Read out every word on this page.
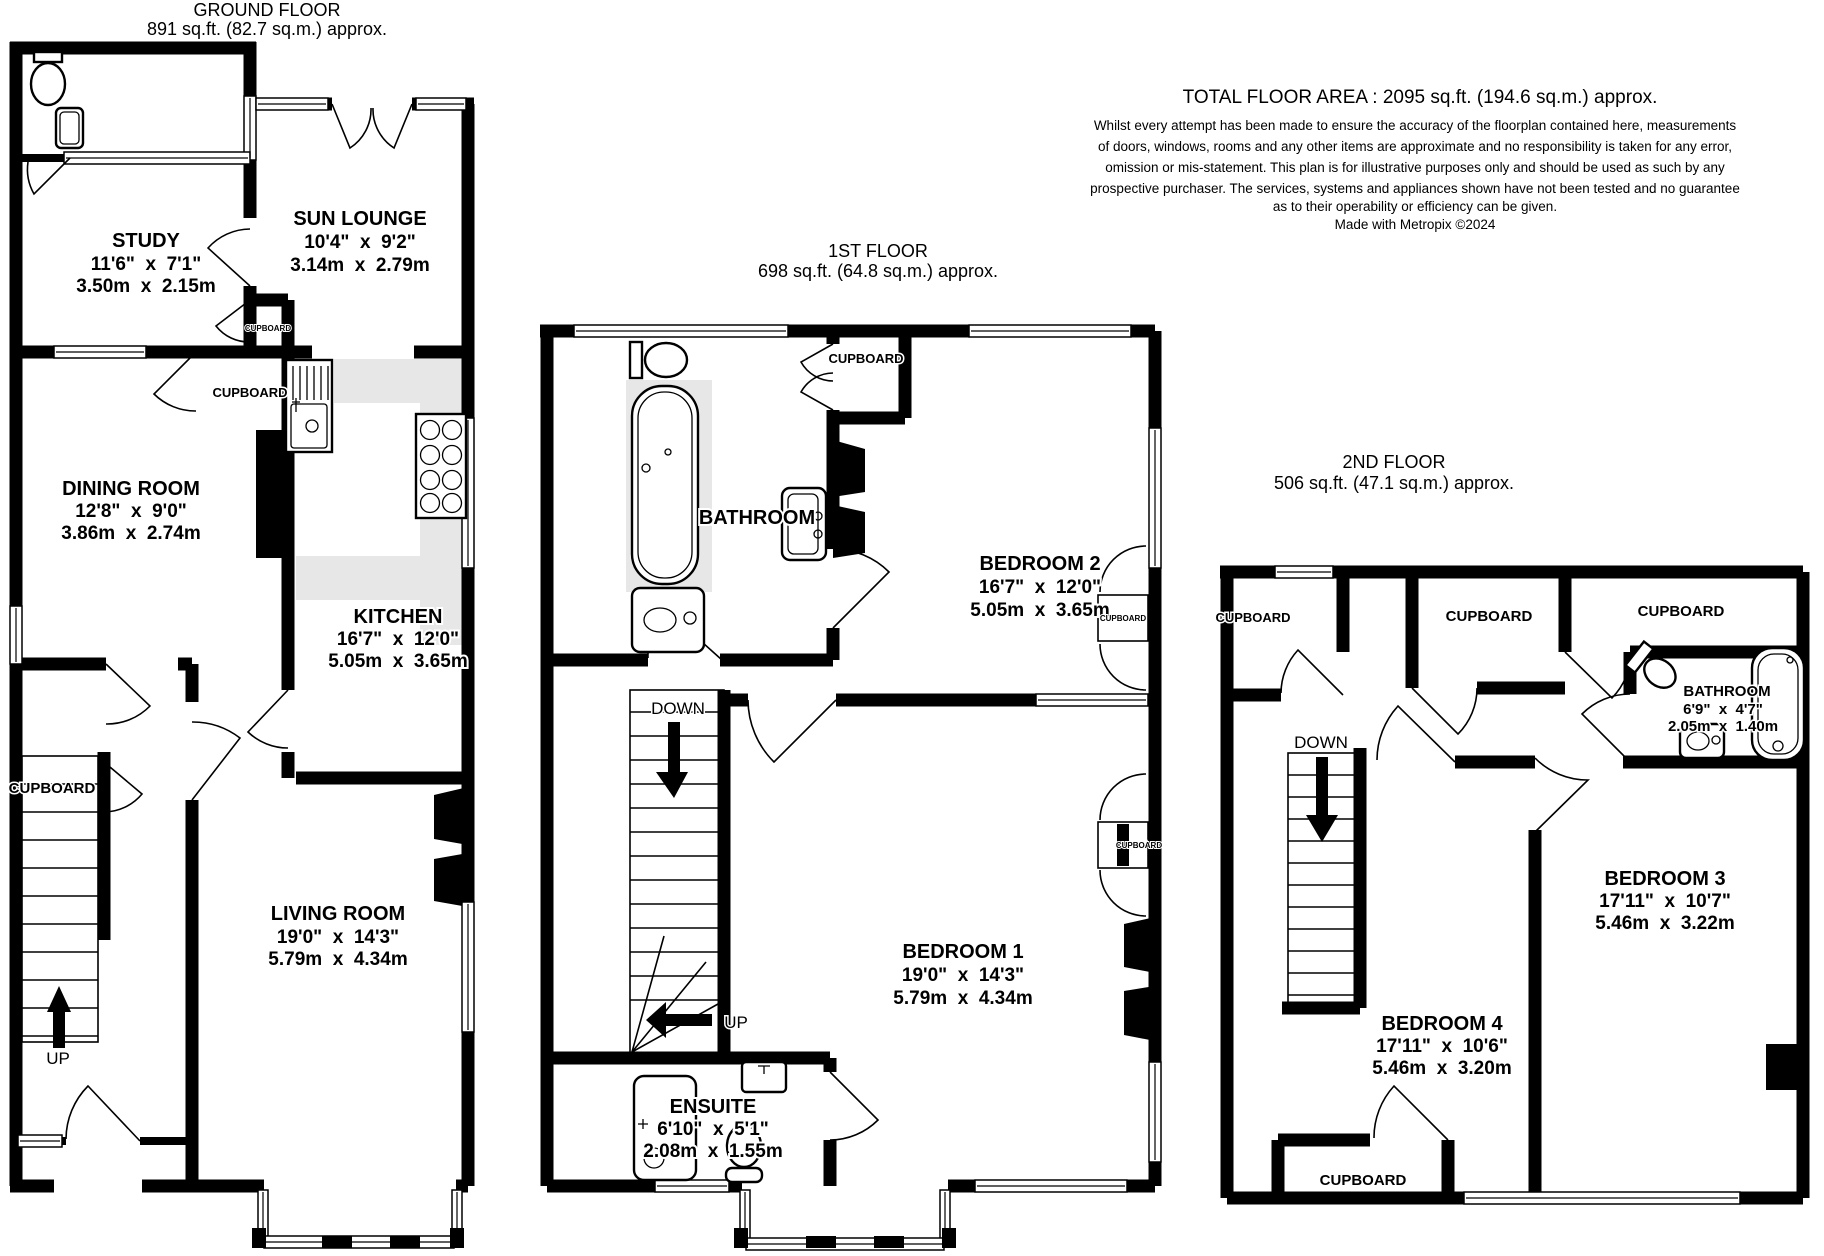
GROUND FLOOR
891 sq.ft. (82.7 sq.m.) approx.
1ST FLOOR
698 sq.ft. (64.8 sq.m.) approx.
2ND FLOOR
506 sq.ft. (47.1 sq.m.) approx.
TOTAL FLOOR AREA : 2095 sq.ft. (194.6 sq.m.) approx.
Whilst every attempt has been made to ensure the accuracy of the floorplan contained here, measurements
of doors, windows, rooms and any other items are approximate and no responsibility is taken for any error,
omission or mis-statement. This plan is for illustrative purposes only and should be used as such by any
prospective purchaser. The services, systems and appliances shown have not been tested and no guarantee
as to their operability or efficiency can be given.
Made with Metropix ©2024
STUDY
11'6"  x  7'1"
3.50m  x  2.15m
SUN LOUNGE
10'4"  x  9'2"
3.14m  x  2.79m
DINING ROOM
12'8"  x  9'0"
3.86m  x  2.74m
KITCHEN
16'7"  x  12'0"
5.05m  x  3.65m
LIVING ROOM
19'0"  x  14'3"
5.79m  x  4.34m
CUPBOARD
CUPBOARD
CUPBOARD
UP
BATHROOM
CUPBOARD
BEDROOM 2
16'7"  x  12'0"
5.05m  x  3.65m
DOWN
UP
BEDROOM 1
19'0"  x  14'3"
5.79m  x  4.34m
ENSUITE
6'10"  x  5'1"
2.08m  x  1.55m
CUPBOARD
CUPBOARD
CUPBOARD	CUPBOARD	CUPBOARD
BATHROOM
6'9"  x  4'7"
2.05m  x  1.40m
DOWN
BEDROOM 3
17'11"  x  10'7"
5.46m  x  3.22m
BEDROOM 4
17'11"  x  10'6"
5.46m  x  3.20m
CUPBOARD
